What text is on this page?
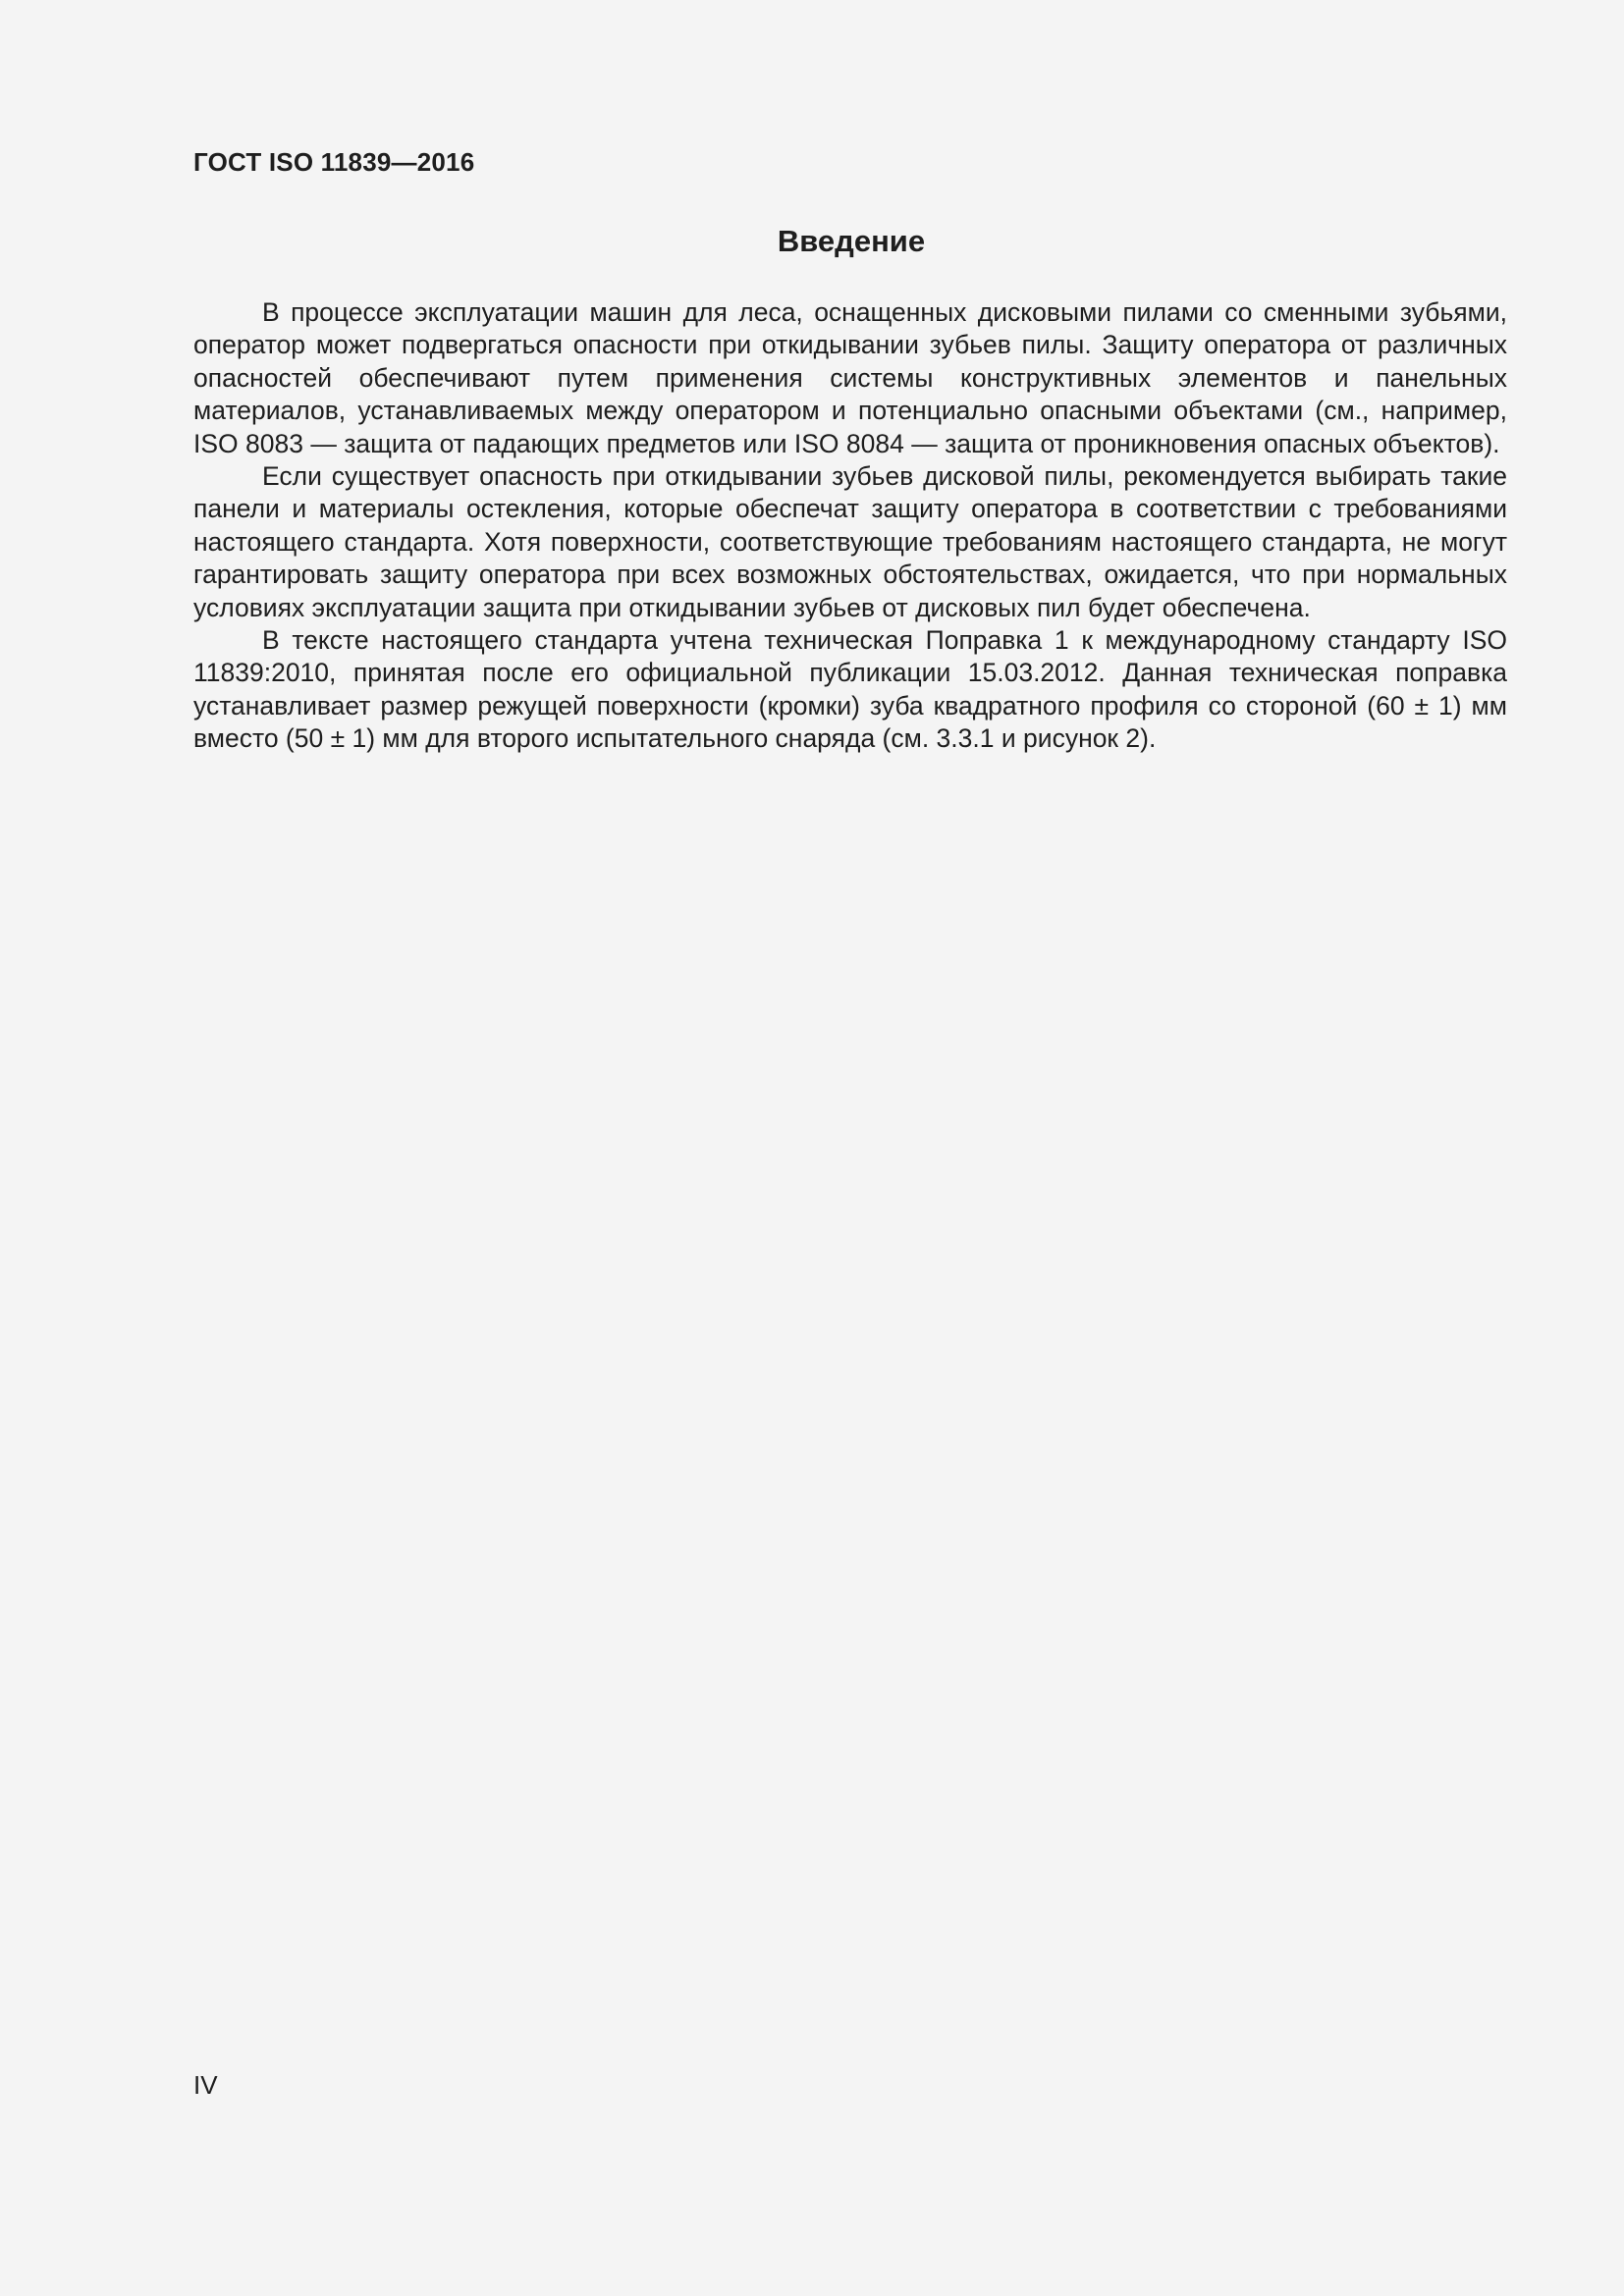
ГОСТ ISO 11839—2016
Введение

В процессе эксплуатации машин для леса, оснащенных дисковыми пилами со сменными зубьями, оператор может подвергаться опасности при откидывании зубьев пилы. Защиту оператора от различных опасностей обеспечивают путем применения системы конструктивных элементов и панельных материалов, устанавливаемых между оператором и потенциально опасными объектами (см., например, ISO 8083 — защита от падающих предметов или ISO 8084 — защита от проникновения опасных объектов).

Если существует опасность при откидывании зубьев дисковой пилы, рекомендуется выбирать такие панели и материалы остекления, которые обеспечат защиту оператора в соответствии с требованиями настоящего стандарта. Хотя поверхности, соответствующие требованиям настоящего стандарта, не могут гарантировать защиту оператора при всех возможных обстоятельствах, ожидается, что при нормальных условиях эксплуатации защита при откидывании зубьев от дисковых пил будет обеспечена.

В тексте настоящего стандарта учтена техническая Поправка 1 к международному стандарту ISO 11839:2010, принятая после его официальной публикации 15.03.2012. Данная техническая поправка устанавливает размер режущей поверхности (кромки) зуба квадратного профиля со стороной (60 ± 1) мм вместо (50 ± 1) мм для второго испытательного снаряда (см. 3.3.1 и рисунок 2).

IV
